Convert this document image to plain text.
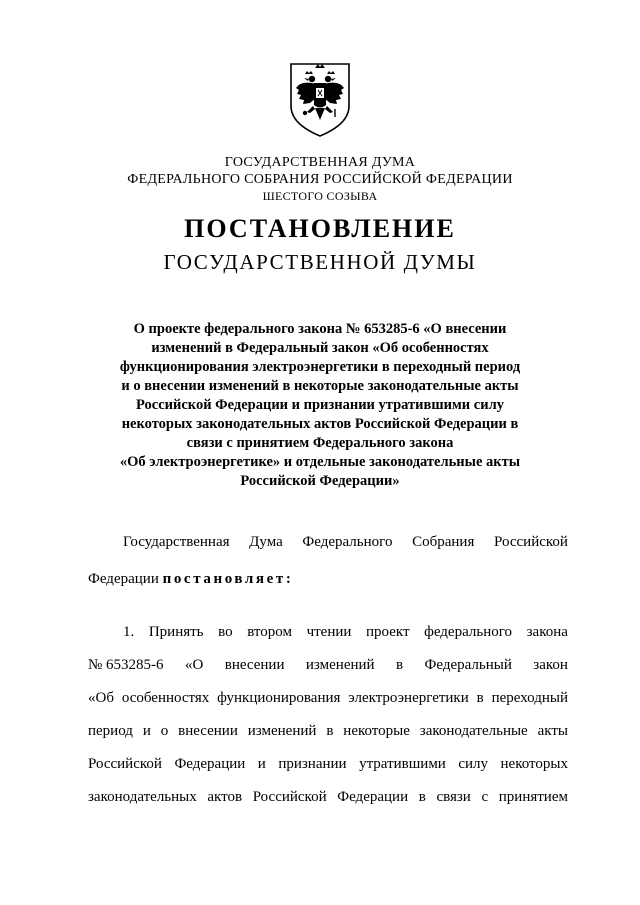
ГОСУДАРСТВЕННАЯ ДУМА
ФЕДЕРАЛЬНОГО СОБРАНИЯ РОССИЙСКОЙ ФЕДЕРАЦИИ
ШЕСТОГО СОЗЫВА
ПОСТАНОВЛЕНИЕ
ГОСУДАРСТВЕННОЙ ДУМЫ
О проекте федерального закона № 653285-6 «О внесении
изменений в Федеральный закон «Об особенностях
функционирования электроэнергетики в переходный период
и о внесении изменений в некоторые законодательные акты
Российской Федерации и признании утратившими силу
некоторых законодательных актов Российской Федерации в
связи с принятием Федерального закона
«Об электроэнергетике» и отдельные законодательные акты
Российской Федерации»
Государственная Дума Федерального Собрания Российской
Федерации постановляет:
1. Принять во втором чтении проект федерального закона
№ 653285-6 «О внесении изменений в Федеральный закон
«Об особенностях функционирования электроэнергетики в переходный
период и о внесении изменений в некоторые законодательные акты
Российской Федерации и признании утратившими силу некоторых
законодательных актов Российской Федерации в связи с принятием
